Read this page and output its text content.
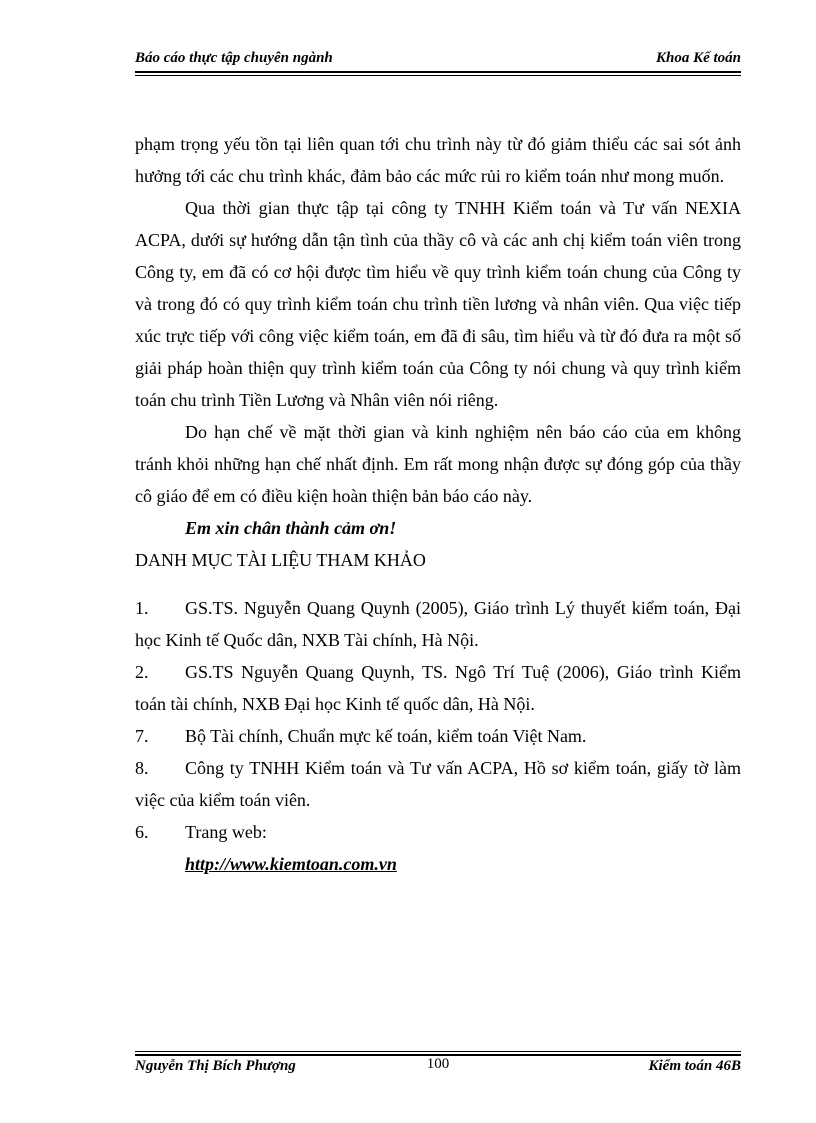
Báo cáo thực tập chuyên ngành	Khoa Kế toán

phạm trọng yếu tồn tại liên quan tới chu trình này từ đó giảm thiểu các sai sót ảnh hưởng tới các chu trình khác, đảm bảo các mức rủi ro kiểm toán như mong muốn.

Qua thời gian thực tập tại công ty TNHH Kiểm toán và Tư vấn NEXIA ACPA, dưới sự hướng dẫn tận tình của thầy cô và các anh chị kiểm toán viên trong Công ty, em đã có cơ hội được tìm hiểu về quy trình kiểm toán chung của Công ty và trong đó có quy trình kiểm toán chu trình tiền lương và nhân viên. Qua việc tiếp xúc trực tiếp với công việc kiểm toán, em đã đi sâu, tìm hiểu và từ đó đưa ra một số giải pháp hoàn thiện quy trình kiểm toán của Công ty nói chung và quy trình kiểm toán chu trình Tiền Lương và Nhân viên nói riêng.

Do hạn chế về mặt thời gian và kinh nghiệm nên báo cáo của em không tránh khỏi những hạn chế nhất định. Em rất mong nhận được sự đóng góp của thầy cô giáo để em có điều kiện hoàn thiện bản báo cáo này.

Em xin chân thành cảm ơn!

DANH MỤC TÀI LIỆU THAM KHẢO

1. GS.TS. Nguyễn Quang Quynh (2005), Giáo trình Lý thuyết kiểm toán, Đại học Kinh tế Quốc dân, NXB Tài chính, Hà Nội.

2. GS.TS Nguyễn Quang Quynh, TS. Ngô Trí Tuệ (2006), Giáo trình Kiểm toán tài chính, NXB Đại học Kinh tế quốc dân, Hà Nội.

7. Bộ Tài chính, Chuẩn mực kế toán, kiểm toán Việt Nam.

8. Công ty TNHH Kiểm toán và Tư vấn ACPA, Hồ sơ kiểm toán, giấy tờ làm việc của kiểm toán viên.

6. Trang web:

http://www.kiemtoan.com.vn

Nguyễn Thị Bích Phượng	100	Kiểm toán 46B
